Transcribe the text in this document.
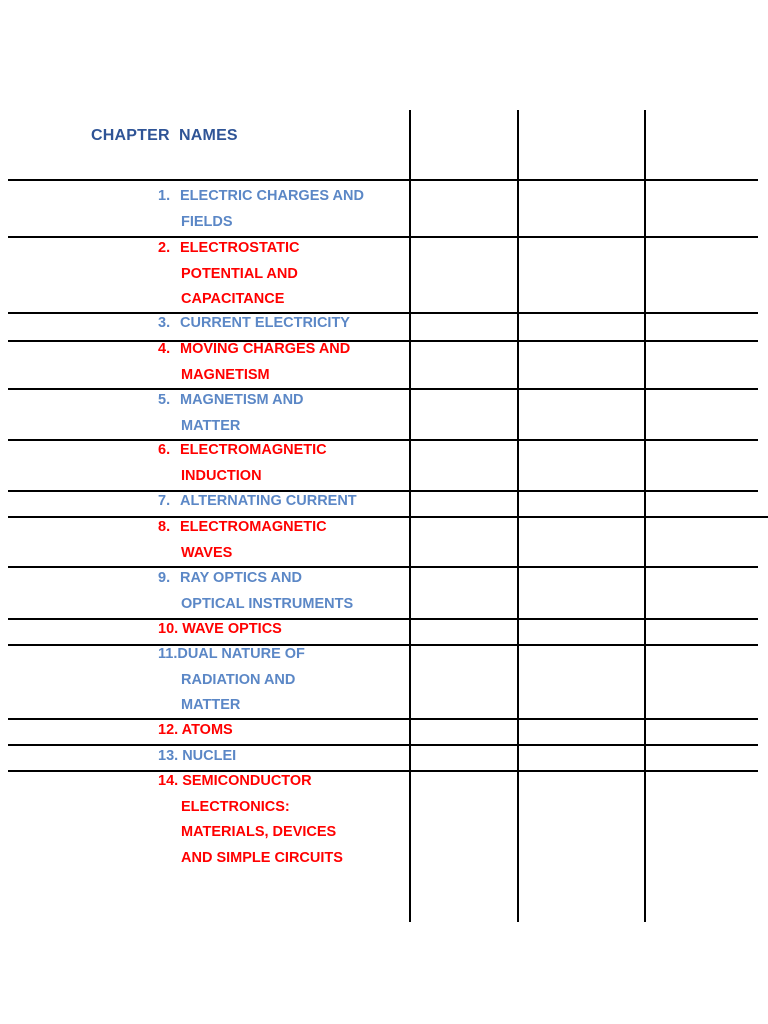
CHAPTER  NAMES
1. ELECTRIC CHARGES AND
FIELDS
2. ELECTROSTATIC
POTENTIAL AND
CAPACITANCE
3. CURRENT ELECTRICITY
4. MOVING CHARGES AND
MAGNETISM
5. MAGNETISM AND
MATTER
6. ELECTROMAGNETIC
INDUCTION
7. ALTERNATING CURRENT
8. ELECTROMAGNETIC
WAVES
9. RAY OPTICS AND
OPTICAL INSTRUMENTS
10. WAVE OPTICS
11.DUAL NATURE OF
RADIATION AND
MATTER
12. ATOMS
13. NUCLEI
14. SEMICONDUCTOR
ELECTRONICS:
MATERIALS, DEVICES
AND SIMPLE CIRCUITS
